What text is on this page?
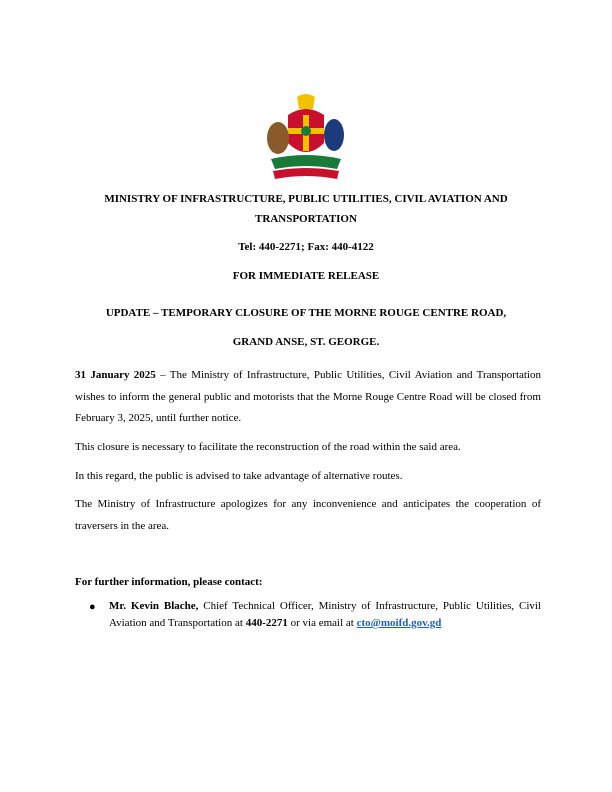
MINISTRY OF INFRASTRUCTURE, PUBLIC UTILITIES, CIVIL AVIATION AND
TRANSPORTATION
Tel: 440-2271; Fax: 440-4122
FOR IMMEDIATE RELEASE
UPDATE – TEMPORARY CLOSURE OF THE MORNE ROUGE CENTRE ROAD,
GRAND ANSE, ST. GEORGE.
31 January 2025 – The Ministry of Infrastructure, Public Utilities, Civil Aviation and Transportation wishes to inform the general public and motorists that the Morne Rouge Centre Road will be closed from February 3, 2025, until further notice.
This closure is necessary to facilitate the reconstruction of the road within the said area.
In this regard, the public is advised to take advantage of alternative routes.
The Ministry of Infrastructure apologizes for any inconvenience and anticipates the cooperation of traversers in the area.
For further information, please contact:
● Mr. Kevin Blache, Chief Technical Officer, Ministry of Infrastructure, Public Utilities, Civil Aviation and Transportation at 440-2271 or via email at cto@moifd.gov.gd
